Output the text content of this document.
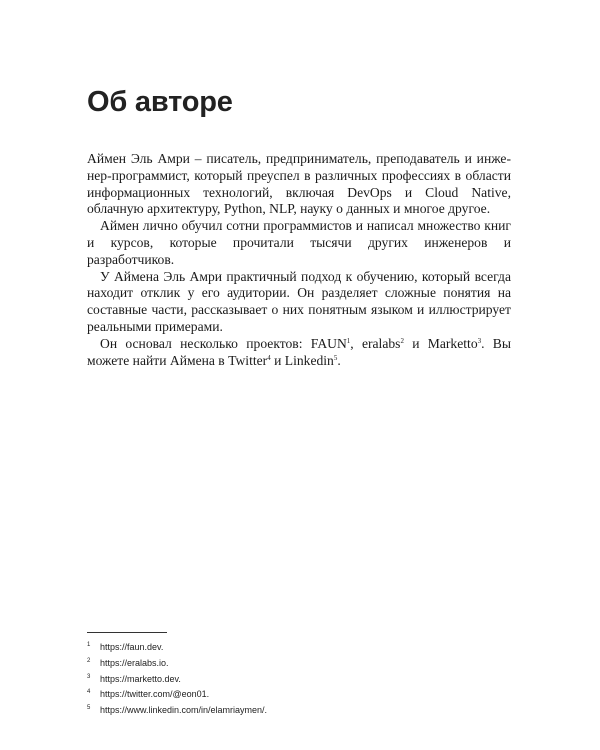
Об авторе

Аймен Эль Амри – писатель, предприниматель, преподаватель и инженер-программист, который преуспел в различных профессиях в области информационных технологий, включая DevOps и Cloud Native, облачную архитектуру, Python, NLP, науку о данных и многое другое.

Аймен лично обучил сотни программистов и написал множество книг и курсов, которые прочитали тысячи других инженеров и разработчиков.

У Аймена Эль Амри практичный подход к обучению, который всегда находит отклик у его аудитории. Он разделяет сложные понятия на составные части, рассказывает о них понятным языком и иллюстрирует реальными примерами.

Он основал несколько проектов: FAUN$^1$, eralabs$^2$ и Marketto$^3$. Вы можете найти Аймена в Twitter$^4$ и Linkedin$^5$.

1	https://faun.dev.
2	https://eralabs.io.
3	https://marketto.dev.
4	https://twitter.com/@eon01.
5	https://www.linkedin.com/in/elamriaymen/.
